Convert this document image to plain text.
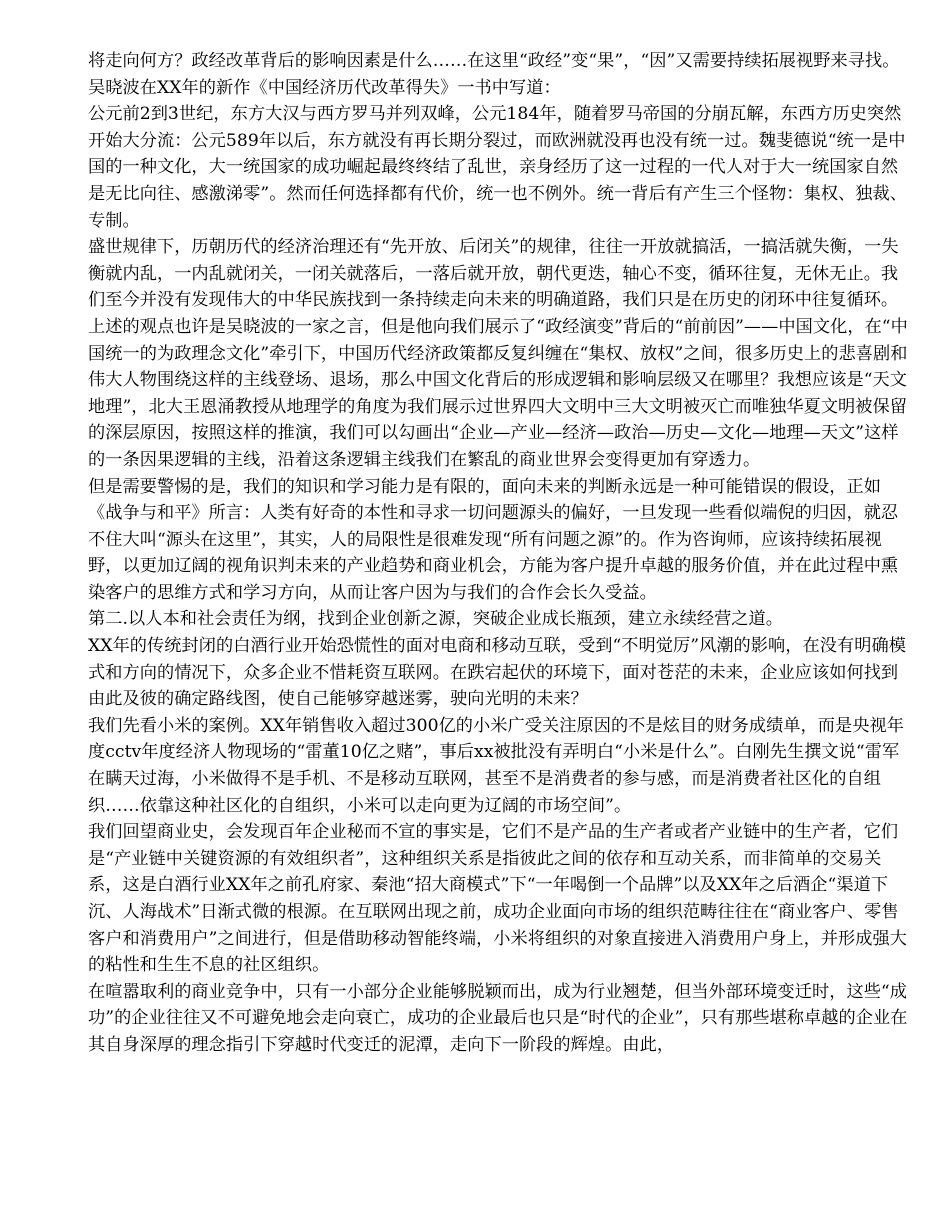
将走向何方？政经改革背后的影响因素是什么……在这里“政经”变“果”，“因”又需要持续拓展视野来寻找。吴晓波在XX年的新作《中国经济历代改革得失》一书中写道：

公元前2到3世纪，东方大汉与西方罗马并列双峰，公元184年，随着罗马帝国的分崩瓦解，东西方历史突然开始大分流：公元589年以后，东方就没有再长期分裂过，而欧洲就没再也没有统一过。魏斐德说“统一是中国的一种文化，大一统国家的成功崛起最终终结了乱世，亲身经历了这一过程的一代人对于大一统国家自然是无比向往、感激涕零”。然而任何选择都有代价，统一也不例外。统一背后有产生三个怪物：集权、独裁、专制。

盛世规律下，历朝历代的经济治理还有“先开放、后闭关”的规律，往往一开放就搞活，一搞活就失衡，一失衡就内乱，一内乱就闭关，一闭关就落后，一落后就开放，朝代更迭，轴心不变，循环往复，无休无止。我们至今并没有发现伟大的中华民族找到一条持续走向未来的明确道路，我们只是在历史的闭环中往复循环。

上述的观点也许是吴晓波的一家之言，但是他向我们展示了“政经演变”背后的“前前因”——中国文化，在“中国统一的为政理念文化”牵引下，中国历代经济政策都反复纠缠在“集权、放权”之间，很多历史上的悲喜剧和伟大人物围绕这样的主线登场、退场，那么中国文化背后的形成逻辑和影响层级又在哪里？我想应该是“天文地理”，北大王恩涌教授从地理学的角度为我们展示过世界四大文明中三大文明被灭亡而唯独华夏文明被保留的深层原因，按照这样的推演，我们可以勾画出“企业—产业—经济—政治—历史—文化—地理—天文”这样的一条因果逻辑的主线，沿着这条逻辑主线我们在繁乱的商业世界会变得更加有穿透力。

但是需要警惕的是，我们的知识和学习能力是有限的，面向未来的判断永远是一种可能错误的假设，正如《战争与和平》所言：人类有好奇的本性和寻求一切问题源头的偏好，一旦发现一些看似端倪的归因，就忍不住大叫“源头在这里”，其实，人的局限性是很难发现“所有问题之源”的。作为咨询师，应该持续拓展视野，以更加辽阔的视角识判未来的产业趋势和商业机会，方能为客户提升卓越的服务价值，并在此过程中熏染客户的思维方式和学习方向，从而让客户因为与我们的合作会长久受益。

第二.以人本和社会责任为纲，找到企业创新之源，突破企业成长瓶颈，建立永续经营之道。

XX年的传统封闭的白酒行业开始恐慌性的面对电商和移动互联，受到“不明觉厉”风潮的影响，在没有明确模式和方向的情况下，众多企业不惜耗资互联网。在跌宕起伏的环境下，面对苍茫的未来，企业应该如何找到由此及彼的确定路线图，使自己能够穿越迷雾，驶向光明的未来？

我们先看小米的案例。XX年销售收入超过300亿的小米广受关注原因的不是炫目的财务成绩单，而是央视年度cctv年度经济人物现场的“雷董10亿之赌”，事后xx被批没有弄明白“小米是什么”。白刚先生撰文说“雷军在瞒天过海，小米做得不是手机、不是移动互联网，甚至不是消费者的参与感，而是消费者社区化的自组织……依靠这种社区化的自组织，小米可以走向更为辽阔的市场空间”。

我们回望商业史，会发现百年企业秘而不宣的事实是，它们不是产品的生产者或者产业链中的生产者，它们是“产业链中关键资源的有效组织者”，这种组织关系是指彼此之间的依存和互动关系，而非简单的交易关系，这是白酒行业XX年之前孔府家、秦池“招大商模式”下“一年喝倒一个品牌”以及XX年之后酒企“渠道下沉、人海战术”日渐式微的根源。在互联网出现之前，成功企业面向市场的组织范畴往往在“商业客户、零售客户和消费用户”之间进行，但是借助移动智能终端，小米将组织的对象直接进入消费用户身上，并形成强大的粘性和生生不息的社区组织。

在喧嚣取利的商业竞争中，只有一小部分企业能够脱颖而出，成为行业翘楚，但当外部环境变迁时，这些“成功”的企业往往又不可避免地会走向衰亡，成功的企业最后也只是“时代的企业”，只有那些堪称卓越的企业在其自身深厚的理念指引下穿越时代变迁的泥潭，走向下一阶段的辉煌。由此，
